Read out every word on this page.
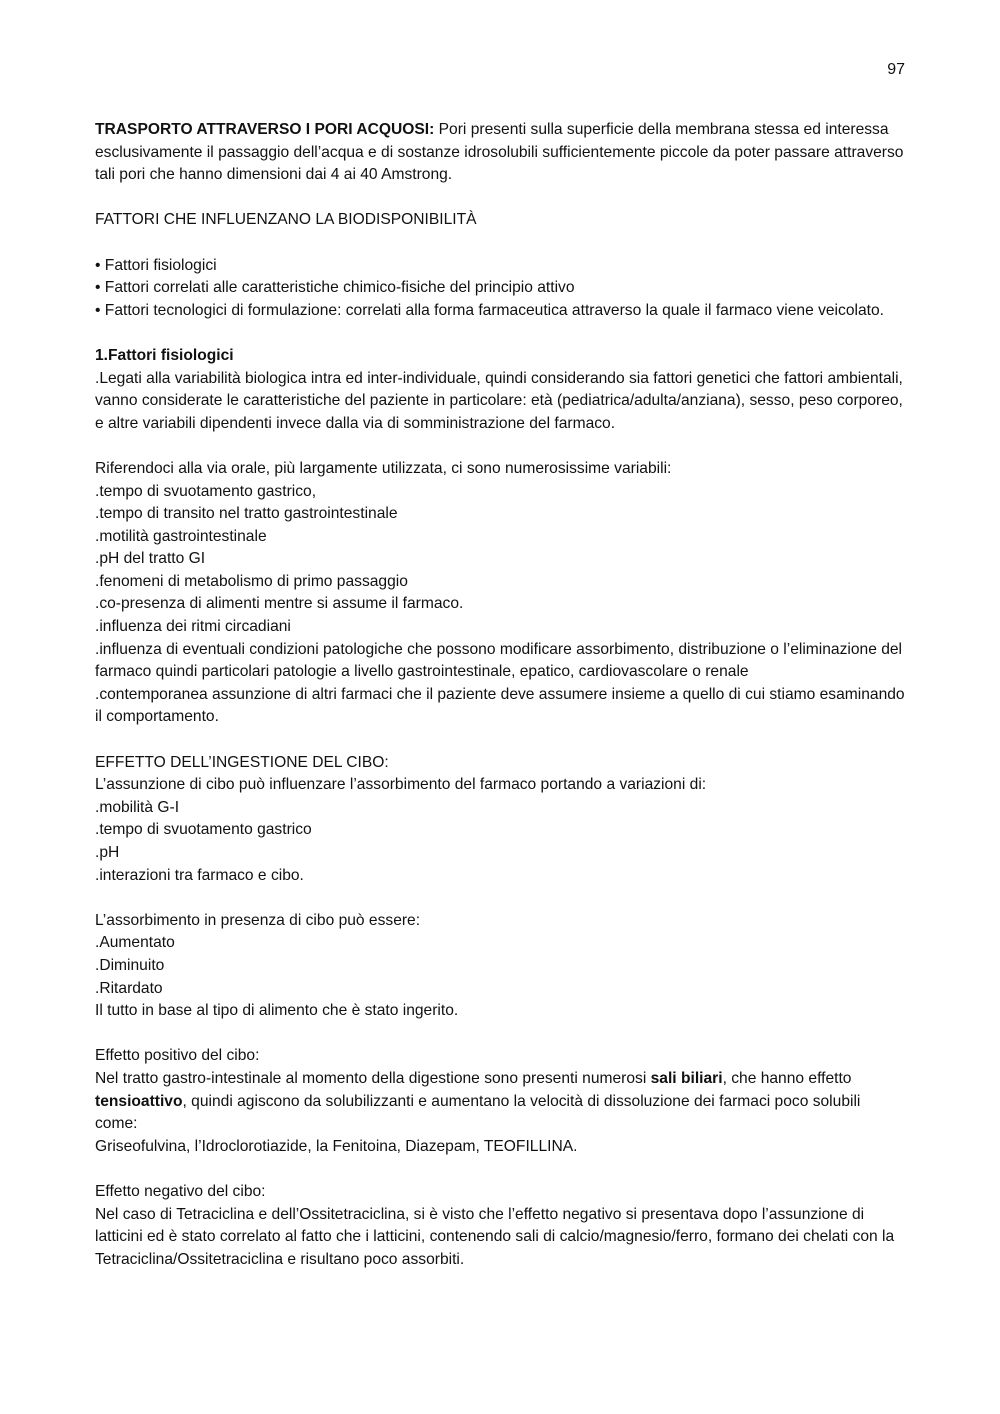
97

TRASPORTO ATTRAVERSO I PORI ACQUOSI: Pori presenti sulla superficie della membrana stessa ed interessa esclusivamente il passaggio dell’acqua e di sostanze idrosolubili sufficientemente piccole da poter passare attraverso tali pori che hanno dimensioni dai 4 ai 40 Amstrong.

FATTORI CHE INFLUENZANO LA BIODISPONIBILITÀ

• Fattori fisiologici

• Fattori correlati alle caratteristiche chimico-fisiche del principio attivo

• Fattori tecnologici di formulazione: correlati alla forma farmaceutica attraverso la quale il farmaco viene veicolato.

1.Fattori fisiologici

.Legati alla variabilità biologica intra ed inter-individuale, quindi considerando sia fattori genetici che fattori ambientali, vanno considerate le caratteristiche del paziente in particolare: età (pediatrica/adulta/anziana), sesso, peso corporeo, e altre variabili dipendenti invece dalla via di somministrazione del farmaco.

Riferendoci alla via orale, più largamente utilizzata, ci sono numerosissime variabili:

.tempo di svuotamento gastrico,

.tempo di transito nel tratto gastrointestinale

.motilità gastrointestinale

.pH del tratto GI

.fenomeni di metabolismo di primo passaggio

.co-presenza di alimenti mentre si assume il farmaco.

.influenza dei ritmi circadiani

.influenza di eventuali condizioni patologiche che possono modificare assorbimento, distribuzione o l’eliminazione del farmaco quindi particolari patologie a livello gastrointestinale, epatico, cardiovascolare o renale

.contemporanea assunzione di altri farmaci che il paziente deve assumere insieme a quello di cui stiamo esaminando il comportamento.

EFFETTO DELL’INGESTIONE DEL CIBO:

L’assunzione di cibo può influenzare l’assorbimento del farmaco portando a variazioni di:

.mobilità G-I

.tempo di svuotamento gastrico

.pH

.interazioni tra farmaco e cibo.

L’assorbimento in presenza di cibo può essere:

.Aumentato

.Diminuito

.Ritardato

Il tutto in base al tipo di alimento che è stato ingerito.

Effetto positivo del cibo:

Nel tratto gastro-intestinale al momento della digestione sono presenti numerosi sali biliari, che hanno effetto tensioattivo, quindi agiscono da solubilizzanti e aumentano la velocità di dissoluzione dei farmaci poco solubili come:

Griseofulvina, l’Idroclorotiazide, la Fenitoina, Diazepam, TEOFILLINA.

Effetto negativo del cibo:

Nel caso di Tetraciclina e dell’Ossitetraciclina, si è visto che l’effetto negativo si presentava dopo l’assunzione di latticini ed è stato correlato al fatto che i latticini, contenendo sali di calcio/magnesio/ferro, formano dei chelati con la Tetraciclina/Ossitetraciclina e risultano poco assorbiti.
